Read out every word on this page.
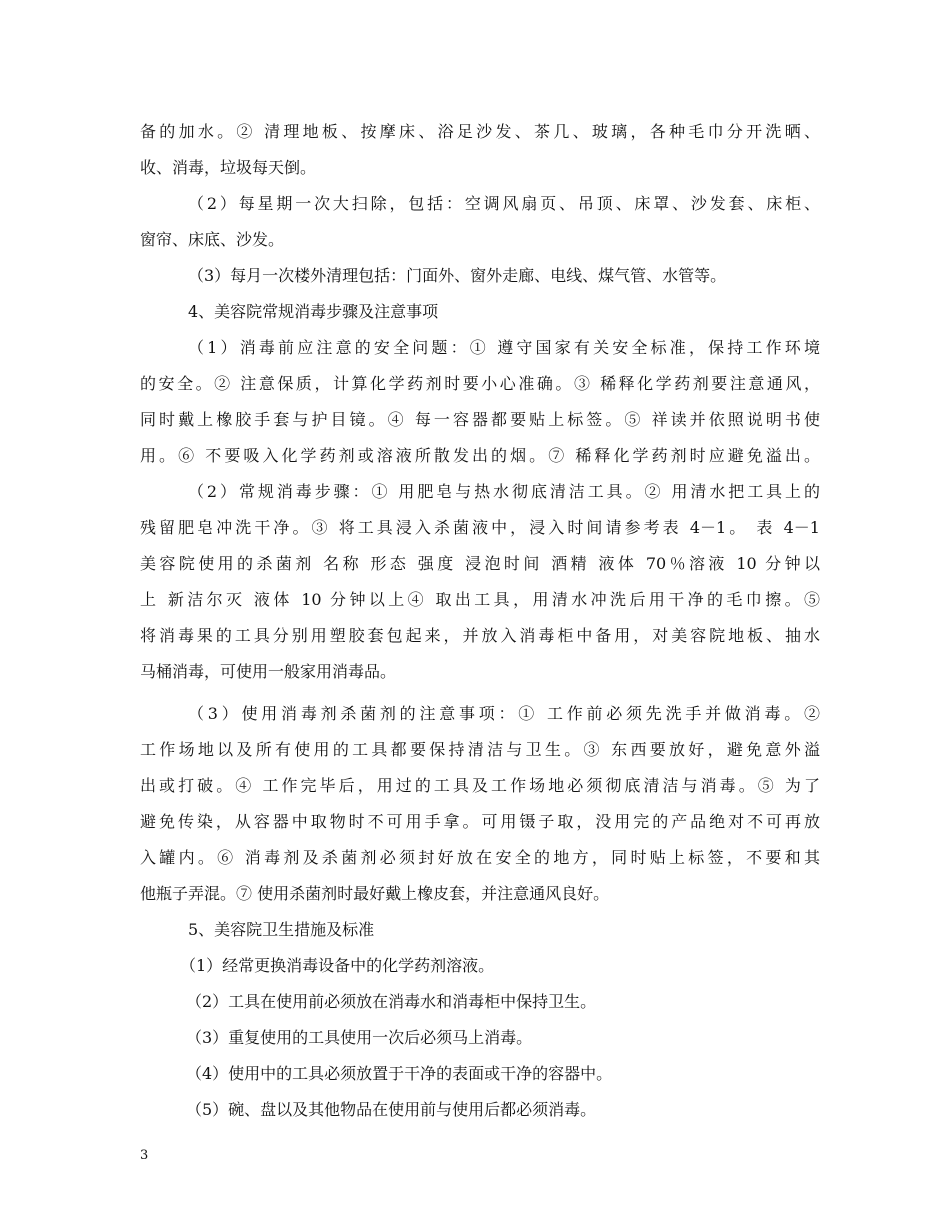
备的加水。② 清理地板、按摩床、浴足沙发、茶几、玻璃，各种毛巾分开洗晒、
收、消毒，垃圾每天倒。
（2）每星期一次大扫除，包括：空调风扇页、吊顶、床罩、沙发套、床柜、
窗帘、床底、沙发。
（3）每月一次楼外清理包括：门面外、窗外走廊、电线、煤气管、水管等。
4、美容院常规消毒步骤及注意事项
（1）消毒前应注意的安全问题：① 遵守国家有关安全标准，保持工作环境
的安全。② 注意保质，计算化学药剂时要小心准确。③ 稀释化学药剂要注意通风，
同时戴上橡胶手套与护目镜。④ 每一容器都要贴上标签。⑤ 祥读并依照说明书使
用。⑥ 不要吸入化学药剂或溶液所散发出的烟。⑦ 稀释化学药剂时应避免溢出。
（2）常规消毒步骤：① 用肥皂与热水彻底清洁工具。② 用清水把工具上的
残留肥皂冲洗干净。③ 将工具浸入杀菌液中，浸入时间请参考表 4－1。 表 4－1
美容院使用的杀菌剂 名称 形态 强度 浸泡时间 酒精 液体 70％溶液 10 分钟以
上 新洁尔灭 液体 10 分钟以上④ 取出工具，用清水冲洗后用干净的毛巾擦。⑤
将消毒果的工具分别用塑胶套包起来，并放入消毒柜中备用，对美容院地板、抽水
马桶消毒，可使用一般家用消毒品。
（3）使用消毒剂杀菌剂的注意事项：① 工作前必须先洗手并做消毒。②
工作场地以及所有使用的工具都要保持清洁与卫生。③ 东西要放好，避免意外溢
出或打破。④ 工作完毕后，用过的工具及工作场地必须彻底清洁与消毒。⑤ 为了
避免传染，从容器中取物时不可用手拿。可用镊子取，没用完的产品绝对不可再放
入罐内。⑥ 消毒剂及杀菌剂必须封好放在安全的地方，同时贴上标签，不要和其
他瓶子弄混。⑦ 使用杀菌剂时最好戴上橡皮套，并注意通风良好。
5、美容院卫生措施及标准
（1）经常更换消毒设备中的化学药剂溶液。
（2）工具在使用前必须放在消毒水和消毒柜中保持卫生。
（3）重复使用的工具使用一次后必须马上消毒。
（4）使用中的工具必须放置于干净的表面或干净的容器中。
（5）碗、盘以及其他物品在使用前与使用后都必须消毒。
3
